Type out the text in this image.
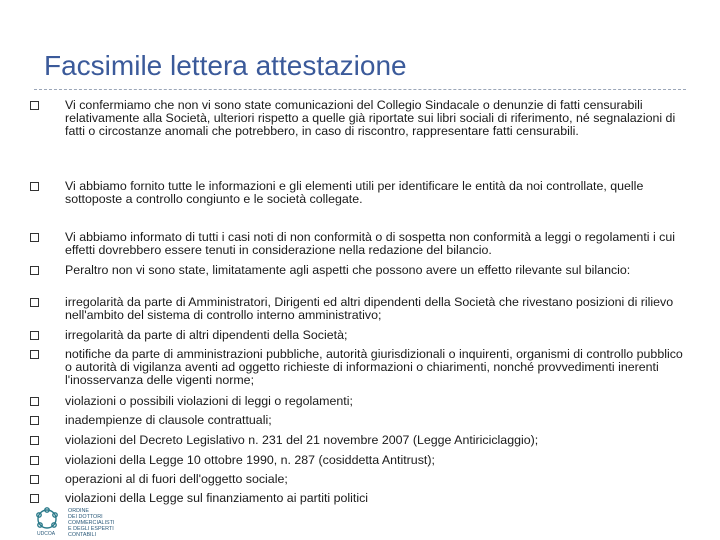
Facsimile lettera attestazione
Vi confermiamo che non vi sono state comunicazioni del Collegio Sindacale o denunzie di fatti censurabili relativamente alla Società, ulteriori rispetto a quelle già riportate sui libri sociali di riferimento, né segnalazioni di fatti o circostanze anomali che potrebbero, in caso di riscontro, rappresentare fatti censurabili.
Vi abbiamo fornito tutte le informazioni e gli elementi utili per identificare le entità da noi controllate, quelle sottoposte a controllo congiunto e le società collegate.
Vi abbiamo informato di tutti i casi noti di non conformità o di sospetta non conformità a leggi o regolamenti i cui effetti dovrebbero essere tenuti in considerazione nella redazione del bilancio.
Peraltro non vi sono state, limitatamente agli aspetti che possono avere un effetto rilevante sul bilancio:
irregolarità da parte di Amministratori, Dirigenti ed altri dipendenti della Società che rivestano posizioni di rilievo nell'ambito del sistema di controllo interno amministrativo;
irregolarità da parte di altri dipendenti della Società;
notifiche da parte di amministrazioni pubbliche, autorità giurisdizionali o inquirenti, organismi di controllo pubblico o autorità di vigilanza aventi ad oggetto richieste di informazioni o chiarimenti, nonché provvedimenti inerenti l'inosservanza delle vigenti norme;
violazioni o possibili violazioni di leggi o regolamenti;
inadempienze di clausole contrattuali;
violazioni del Decreto Legislativo n. 231 del 21 novembre 2007 (Legge Antiriciclaggio);
violazioni della Legge 10 ottobre 1990, n. 287 (cosiddetta Antitrust);
operazioni al di fuori dell'oggetto sociale;
violazioni della Legge sul finanziamento ai partiti politici
ORDINE
DEI DOTTORI
COMMERCIALISTI
E DEGLI ESPERTI
CONTABILI
UDCOA
